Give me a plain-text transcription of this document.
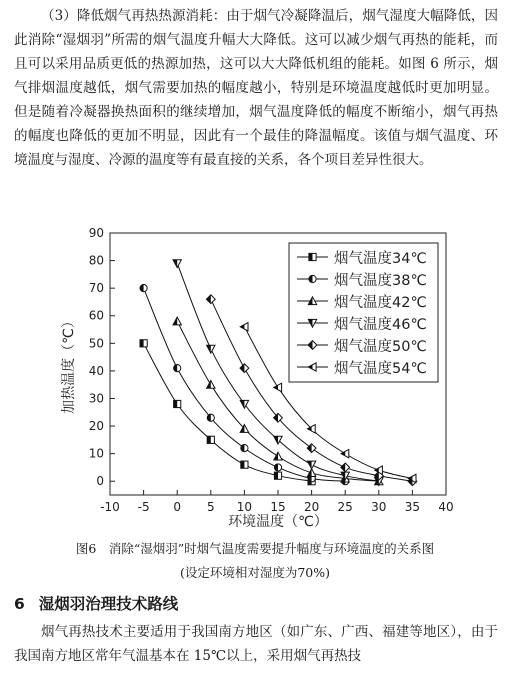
（3）降低烟气再热热源消耗：由于烟气冷凝降温后，烟气湿度大幅降低，因此消除“湿烟羽”所需的烟气温度升幅大大降低。这可以减少烟气再热的能耗，而且可以采用品质更低的热源加热，这可以大大降低机组的能耗。如图 6 所示，烟气排烟温度越低，烟气需要加热的幅度越小，特别是环境温度越低时更加明显。但是随着冷凝器换热面积的继续增加，烟气温度降低的幅度不断缩小，烟气再热的幅度也降低的更加不明显，因此有一个最佳的降温幅度。该值与烟气温度、环境温度与湿度、冷源的温度等有最直接的关系，各个项目差异性很大。

-10 -5 0 5 10 15 20 25 30 35 40
0
10
20
30
40
50
60
70
80
90
环境温度（℃）
加热温度（℃）
烟气温度34℃
烟气温度38℃
烟气温度42℃
烟气温度46℃
烟气温度50℃
烟气温度54℃

图6　消除“湿烟羽”时烟气温度需要提升幅度与环境温度的关系图

(设定环境相对湿度为70%)

6 湿烟羽治理技术路线

烟气再热技术主要适用于我国南方地区（如广东、广西、福建等地区），由于我国南方地区常年气温基本在 15℃以上，采用烟气再热技
